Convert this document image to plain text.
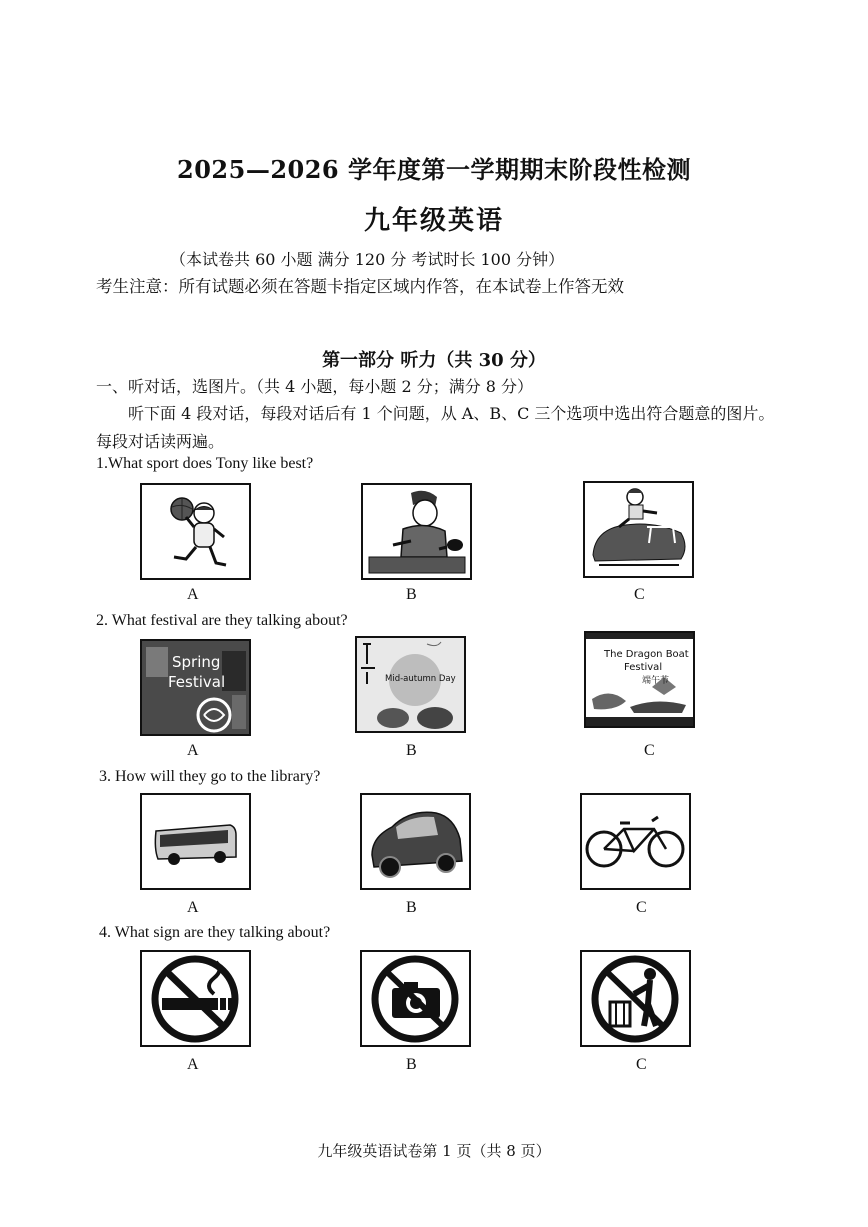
2025—2026 学年度第一学期期末阶段性检测
九年级英语
（本试卷共 60 小题 满分 120 分 考试时长 100 分钟）
考生注意：所有试题必须在答题卡指定区域内作答，在本试卷上作答无效
第一部分 听力（共 30 分）
一、听对话，选图片。（共 4 小题，每小题 2 分；满分 8 分）
听下面 4 段对话，每段对话后有 1 个问题，从 A、B、C 三个选项中选出符合题意的图片。每段对话读两遍。
1.What sport does Tony like best?
A	B	C
2. What festival are they talking about?
Spring
Festival
A
Mid-autumn Day
B
The Dragon Boat
Festival
端午节
C
3. How will they go to the library?
A	B	C
4. What sign are they talking about?
A	B	C
九年级英语试卷第 1 页（共 8 页）
